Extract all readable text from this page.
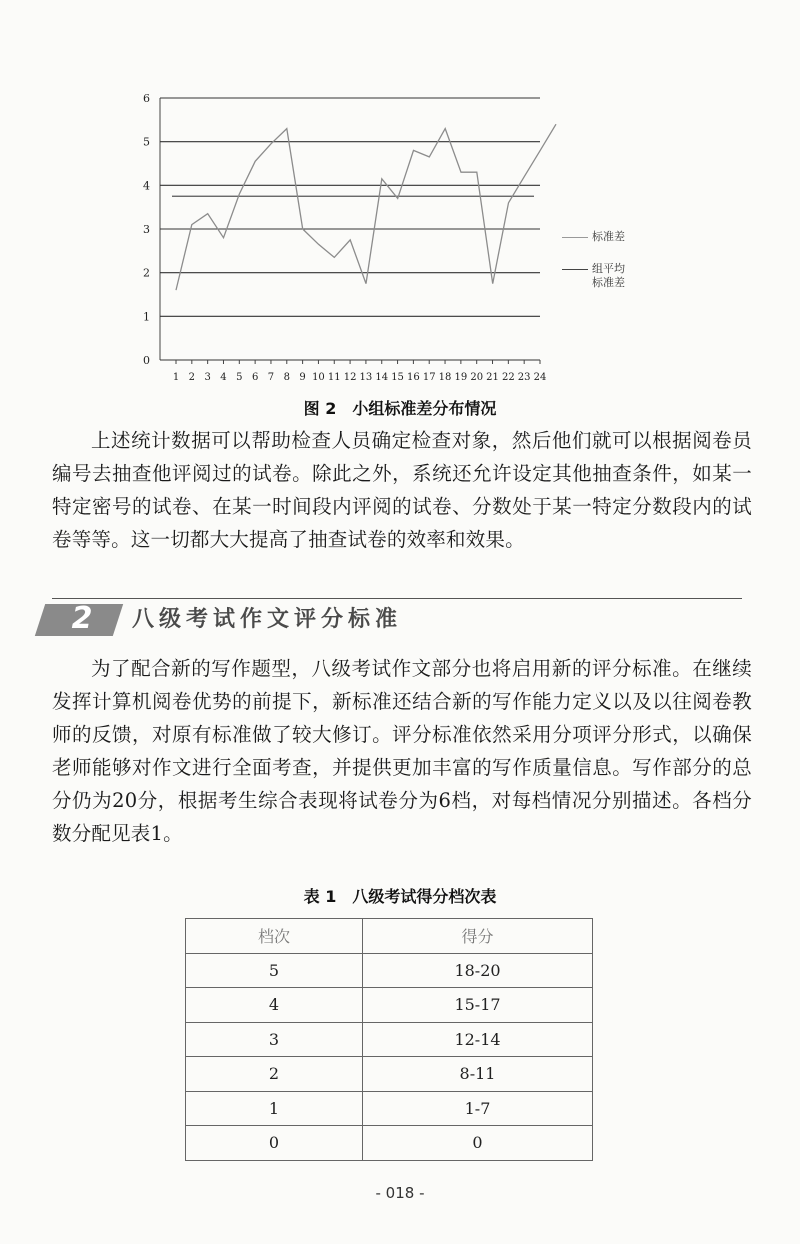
0
1
2
3
4
5
6
1 2 3 4 5 6 7 8 9 10 11 12 13 14 15 16 17 18 19 20 21 22 23 24
标准差
组平均
标准差
图 2　小组标准差分布情况

上述统计数据可以帮助检查人员确定检查对象，然后他们就可以根据阅卷员编号去抽查他评阅过的试卷。除此之外，系统还允许设定其他抽查条件，如某一特定密号的试卷、在某一时间段内评阅的试卷、分数处于某一特定分数段内的试卷等等。这一切都大大提高了抽查试卷的效率和效果。

2	八级考试作文评分标准

为了配合新的写作题型，八级考试作文部分也将启用新的评分标准。在继续发挥计算机阅卷优势的前提下，新标准还结合新的写作能力定义以及以往阅卷教师的反馈，对原有标准做了较大修订。评分标准依然采用分项评分形式，以确保老师能够对作文进行全面考查，并提供更加丰富的写作质量信息。写作部分的总分仍为20分，根据考生综合表现将试卷分为6档，对每档情况分别描述。各档分数分配见表1。

表 1　八级考试得分档次表
档次	得分
5	18-20
4	15-17
3	12-14
2	8-11
1	1-7
0	0
- 018 -
